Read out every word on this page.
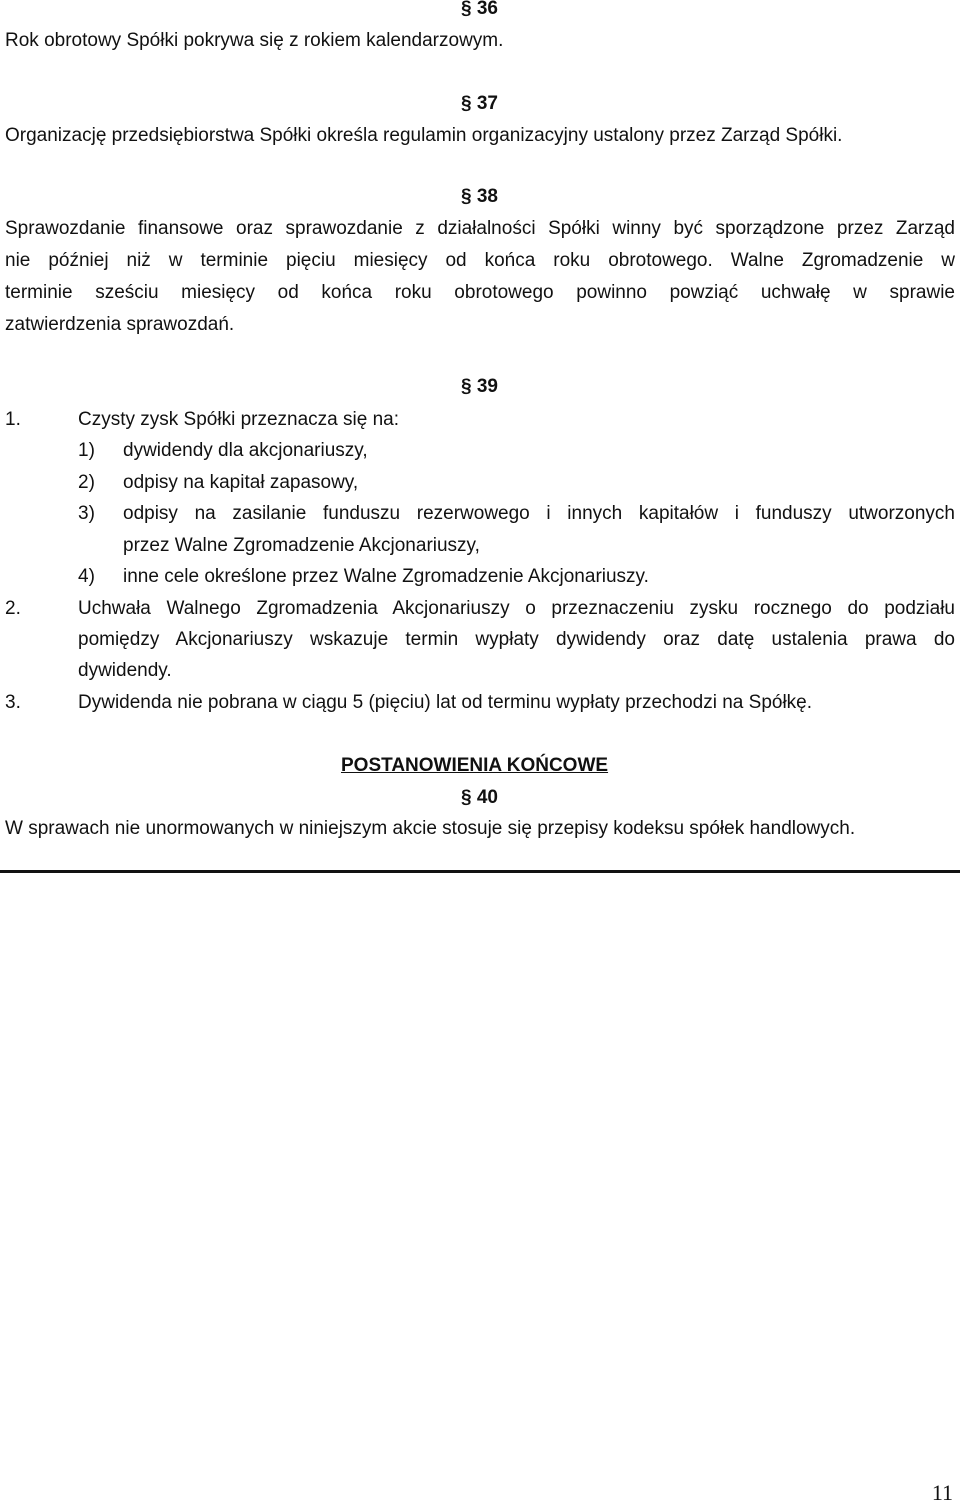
§ 36
Rok obrotowy Spółki pokrywa się z rokiem kalendarzowym.
§ 37
Organizację przedsiębiorstwa Spółki określa regulamin organizacyjny ustalony przez Zarząd Spółki.
§ 38
Sprawozdanie finansowe oraz sprawozdanie z działalności Spółki winny być sporządzone przez Zarząd
nie później niż w terminie pięciu miesięcy od końca roku obrotowego. Walne Zgromadzenie w
terminie sześciu miesięcy od końca roku obrotowego powinno powziąć uchwałę w sprawie
zatwierdzenia sprawozdań.
§ 39
1.	Czysty zysk Spółki przeznacza się na:
1) dywidendy dla akcjonariuszy,
2) odpisy na kapitał zapasowy,
3) odpisy na zasilanie funduszu rezerwowego i innych kapitałów i funduszy utworzonych
przez Walne Zgromadzenie Akcjonariuszy,
4) inne cele określone przez Walne Zgromadzenie Akcjonariuszy.
2.	Uchwała Walnego Zgromadzenia Akcjonariuszy o przeznaczeniu zysku rocznego do podziału
pomiędzy Akcjonariuszy wskazuje termin wypłaty dywidendy oraz datę ustalenia prawa do
dywidendy.
3.	Dywidenda nie pobrana w ciągu 5 (pięciu) lat od terminu wypłaty przechodzi na Spółkę.
POSTANOWIENIA KOŃCOWE
§ 40
W sprawach nie unormowanych w niniejszym akcie stosuje się przepisy kodeksu spółek handlowych.
11
